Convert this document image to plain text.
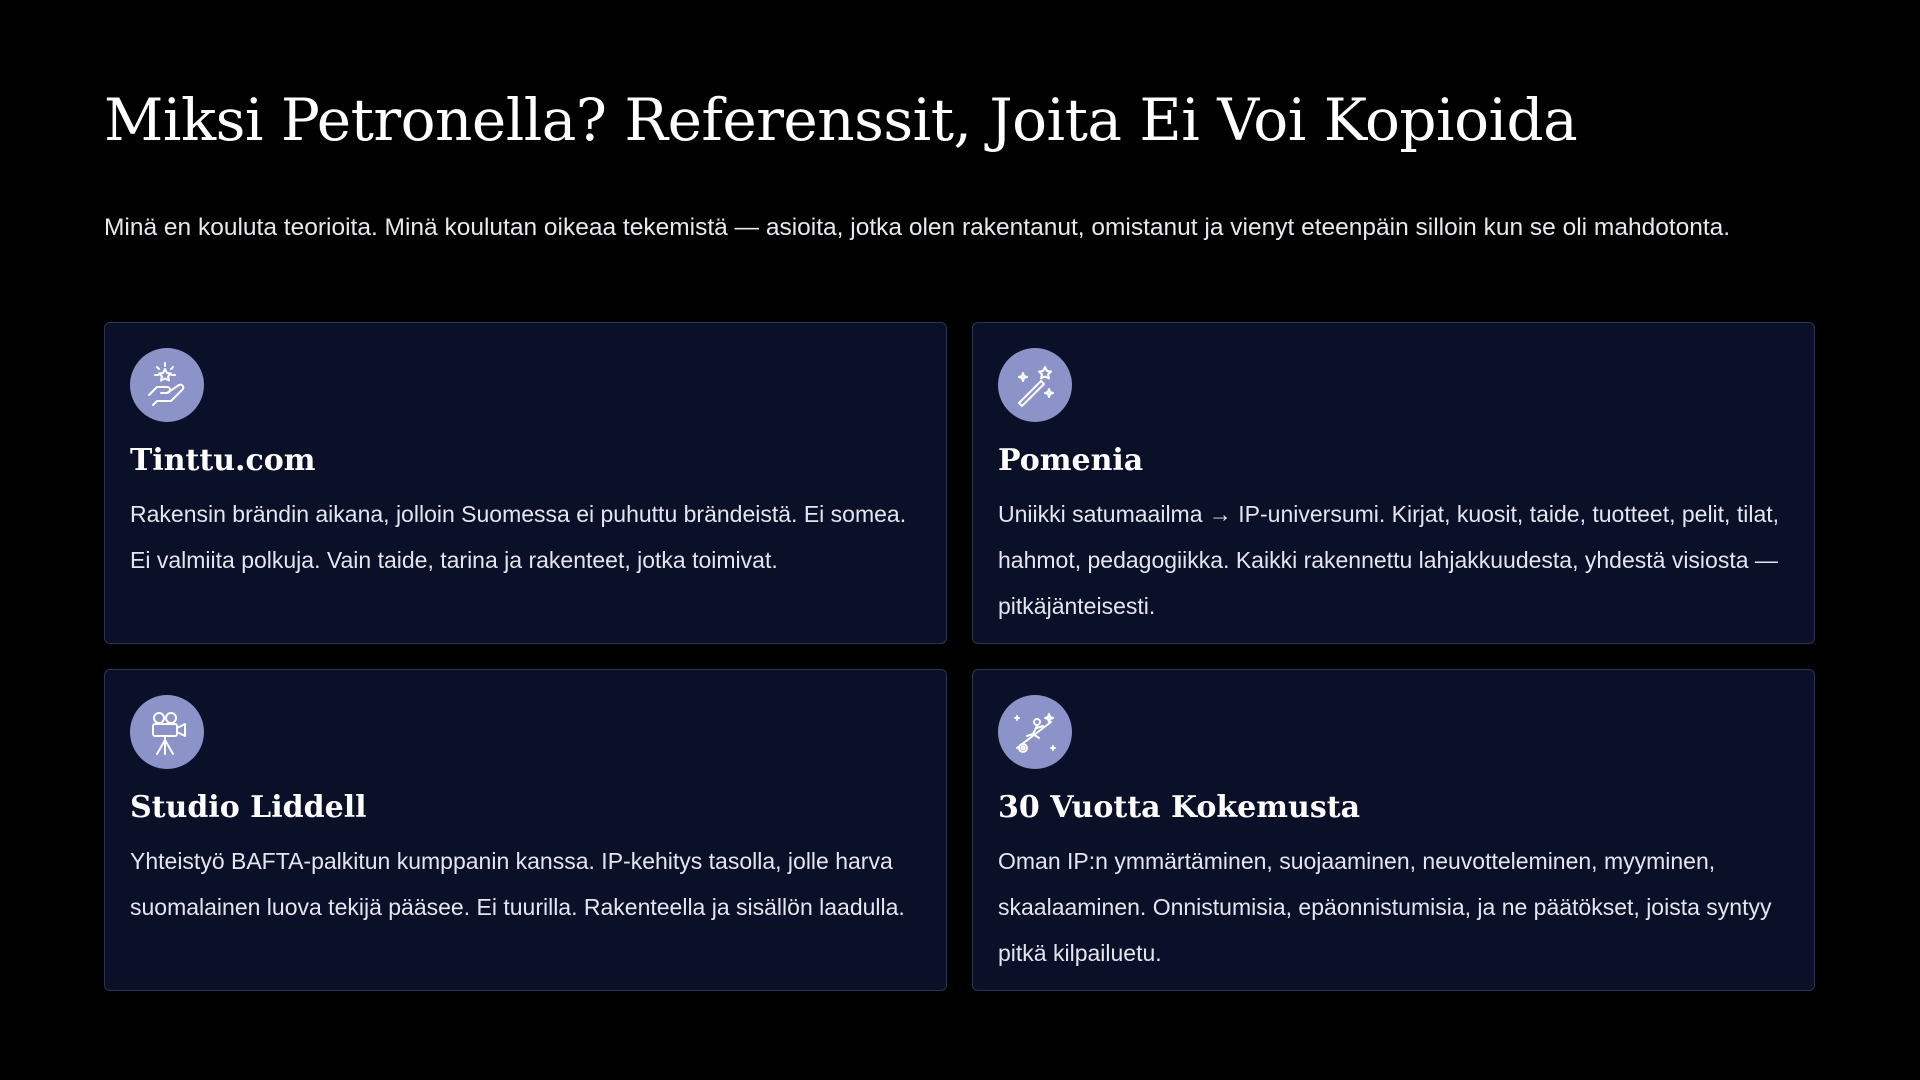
Miksi Petronella? Referenssit, Joita Ei Voi Kopioida

Minä en kouluta teorioita. Minä koulutan oikeaa tekemistä — asioita, jotka olen rakentanut, omistanut ja vienyt eteenpäin silloin kun se oli mahdotonta.

Tinttu.com

Rakensin brändin aikana, jolloin Suomessa ei puhuttu brändeistä. Ei somea. Ei valmiita polkuja. Vain taide, tarina ja rakenteet, jotka toimivat.

Pomenia

Uniikki satumaailma → IP-universumi. Kirjat, kuosit, taide, tuotteet, pelit, tilat, hahmot, pedagogiikka. Kaikki rakennettu lahjakkuudesta, yhdestä visiosta — pitkäjänteisesti.

Studio Liddell

Yhteistyö BAFTA-palkitun kumppanin kanssa. IP-kehitys tasolla, jolle harva suomalainen luova tekijä pääsee. Ei tuurilla. Rakenteella ja sisällön laadulla.

30 Vuotta Kokemusta

Oman IP:n ymmärtäminen, suojaaminen, neuvotteleminen, myyminen, skaalaaminen. Onnistumisia, epäonnistumisia, ja ne päätökset, joista syntyy pitkä kilpailuetu.
